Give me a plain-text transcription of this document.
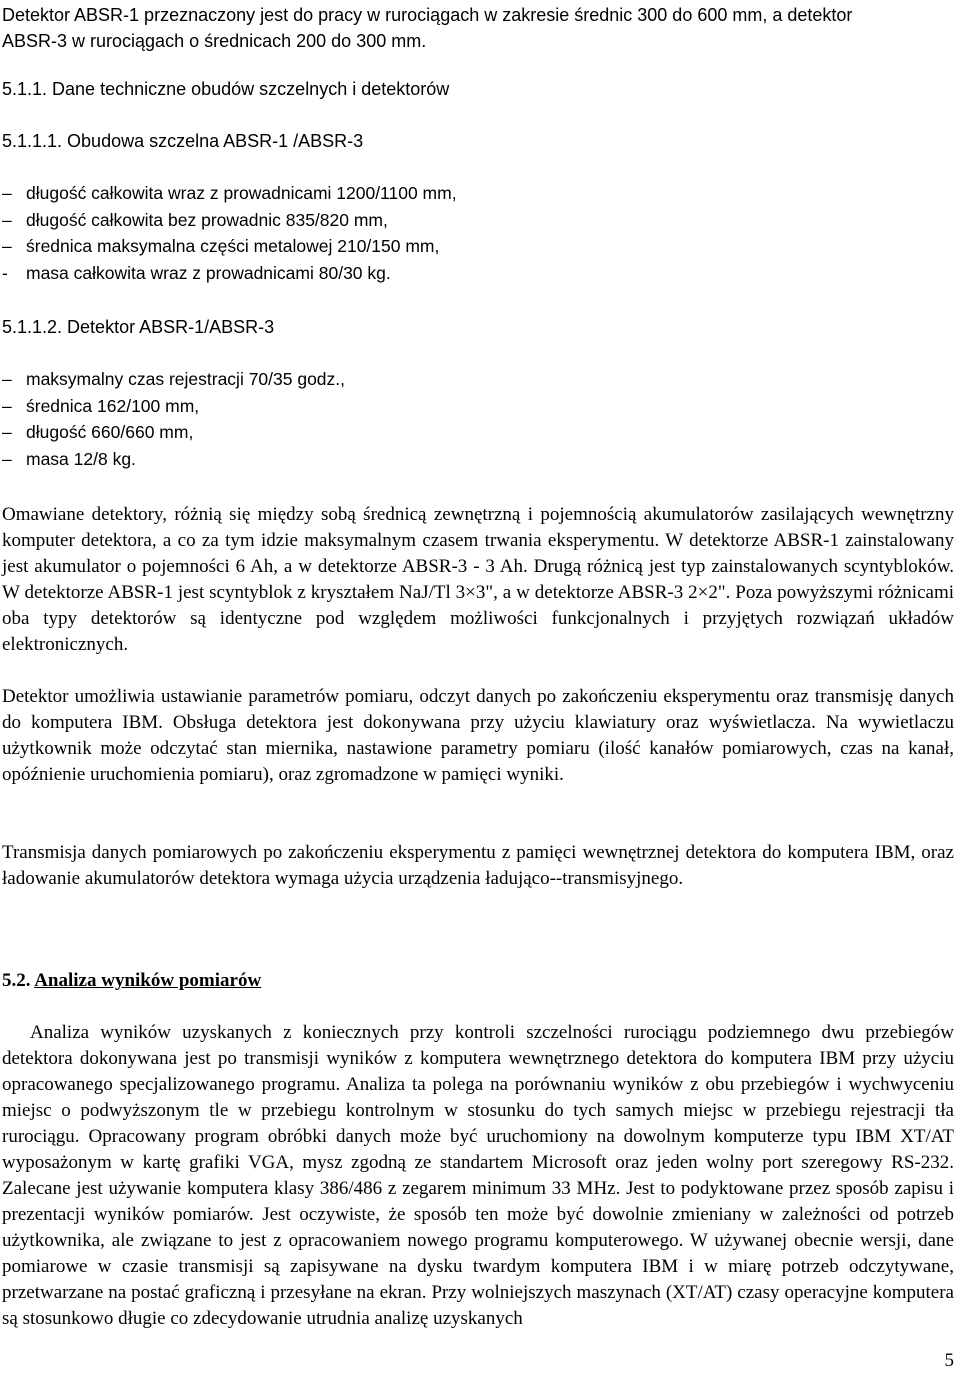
Detektor ABSR-1 przeznaczony jest do pracy w rurociągach w zakresie średnic 300 do 600 mm, a detektor

ABSR-3 w rurociągach o średnicach 200 do 300 mm.

5.1.1. Dane techniczne obudów szczelnych i detektorów

5.1.1.1. Obudowa szczelna ABSR-1 /ABSR-3

– długość całkowita wraz z prowadnicami 1200/1100 mm,
– długość całkowita bez prowadnic 835/820 mm,
– średnica maksymalna części metalowej 210/150 mm,
- masa całkowita wraz z prowadnicami 80/30 kg.

5.1.1.2. Detektor ABSR-1/ABSR-3

– maksymalny czas rejestracji 70/35 godz.,
– średnica 162/100 mm,
– długość 660/660 mm,
– masa 12/8 kg.

Omawiane detektory, różnią się między sobą średnicą zewnętrzną i pojemnością akumulatorów zasilających wewnętrzny komputer detektora, a co za tym idzie maksymalnym czasem trwania eksperymentu. W detektorze ABSR-1 zainstalowany jest akumulator o pojemności 6 Ah, a w detektorze ABSR-3 - 3 Ah. Drugą różnicą jest typ zainstalowanych scyntybloków. W detektorze ABSR-1 jest scyntyblok z kryształem NaJ/Tl 3×3", a w detektorze ABSR-3 2×2". Poza powyższymi różnicami oba typy detektorów są identyczne pod względem możliwości funkcjonalnych i przyjętych rozwiązań układów elektronicznych.

Detektor umożliwia ustawianie parametrów pomiaru, odczyt danych po zakończeniu eksperymentu oraz transmisję danych do komputera IBM. Obsługa detektora jest dokonywana przy użyciu klawiatury oraz wyświetlacza. Na wywietlaczu użytkownik może odczytać stan miernika, nastawione parametry pomiaru (ilość kanałów pomiarowych, czas na kanał, opóźnienie uruchomienia pomiaru), oraz zgromadzone w pamięci wyniki.

Transmisja danych pomiarowych po zakończeniu eksperymentu z pamięci wewnętrznej detektora do komputera IBM, oraz ładowanie akumulatorów detektora wymaga użycia urządzenia ładująco--transmisyjnego.

5.2. Analiza wyników pomiarów

Analiza wyników uzyskanych z koniecznych przy kontroli szczelności rurociągu podziemnego dwu przebiegów detektora dokonywana jest po transmisji wyników z komputera wewnętrznego detektora do komputera IBM przy użyciu opracowanego specjalizowanego programu. Analiza ta polega na porównaniu wyników z obu przebiegów i wychwyceniu miejsc o podwyższonym tle w przebiegu kontrolnym w stosunku do tych samych miejsc w przebiegu rejestracji tła rurociągu. Opracowany program obróbki danych może być uruchomiony na dowolnym komputerze typu IBM XT/AT wyposażonym w kartę grafiki VGA, mysz zgodną ze standartem Microsoft oraz jeden wolny port szeregowy RS-232. Zalecane jest używanie komputera klasy 386/486 z zegarem minimum 33 MHz. Jest to podyktowane przez sposób zapisu i prezentacji wyników pomiarów. Jest oczywiste, że sposób ten może być dowolnie zmieniany w zależności od potrzeb użytkownika, ale związane to jest z opracowaniem nowego programu komputerowego. W używanej obecnie wersji, dane pomiarowe w czasie transmisji są zapisywane na dysku twardym komputera IBM i w miarę potrzeb odczytywane, przetwarzane na postać graficzną i przesyłane na ekran. Przy wolniejszych maszynach (XT/AT) czasy operacyjne komputera są stosunkowo długie co zdecydowanie utrudnia analizę uzyskanych

5
